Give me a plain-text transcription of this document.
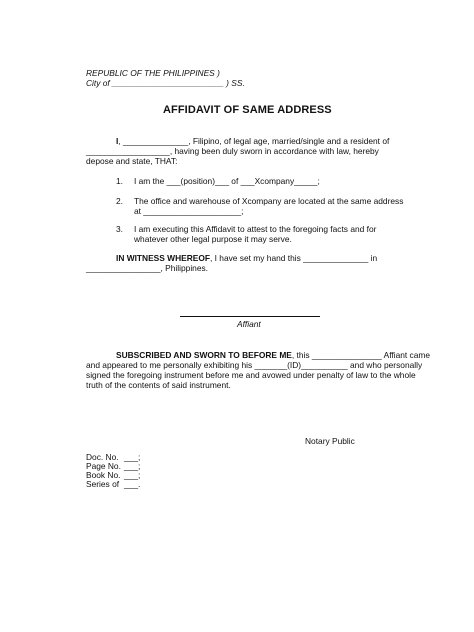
REPUBLIC OF THE PHILIPPINES )
City of ________________________ ) SS.
AFFIDAVIT OF SAME ADDRESS
I, ______________, Filipino, of legal age, married/single and a resident of
__________________, having been duly sworn in accordance with law, hereby
depose and state, THAT:
1. I am the ___(position)___ of ___Xcompany_____;
2. The office and warehouse of Xcompany are located at the same address
at _____________________;
3. I am executing this Affidavit to attest to the foregoing facts and for
whatever other legal purpose it may serve.
IN WITNESS WHEREOF, I have set my hand this ______________ in
________________, Philippines.
Affiant
SUBSCRIBED AND SWORN TO BEFORE ME, this _______________ Affiant came
and appeared to me personally exhibiting his _______(ID)__________ and who personally
signed the foregoing instrument before me and avowed under penalty of law to the whole
truth of the contents of said instrument.
Notary Public
Doc. No. ___;
Page No. ___;
Book No. ___;
Series of ___.
